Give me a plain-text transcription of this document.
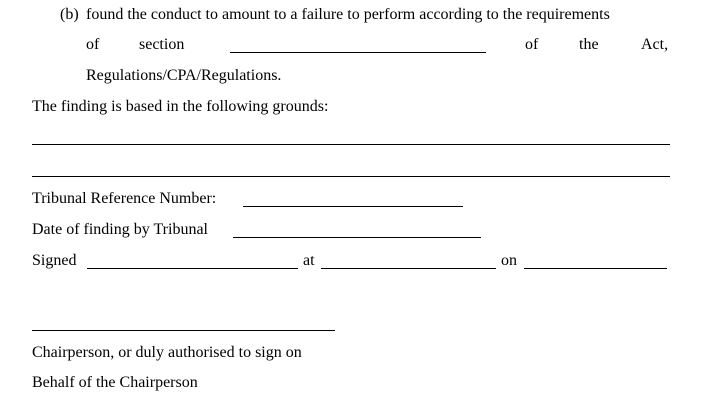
(b) found the conduct to amount to a failure to perform according to the requirements
of section	of	the	Act,
Regulations/CPA/Regulations.
The finding is based in the following grounds:
Tribunal Reference Number:
Date of finding by Tribunal
Signed	at	on
Chairperson, or duly authorised to sign on
Behalf of the Chairperson
